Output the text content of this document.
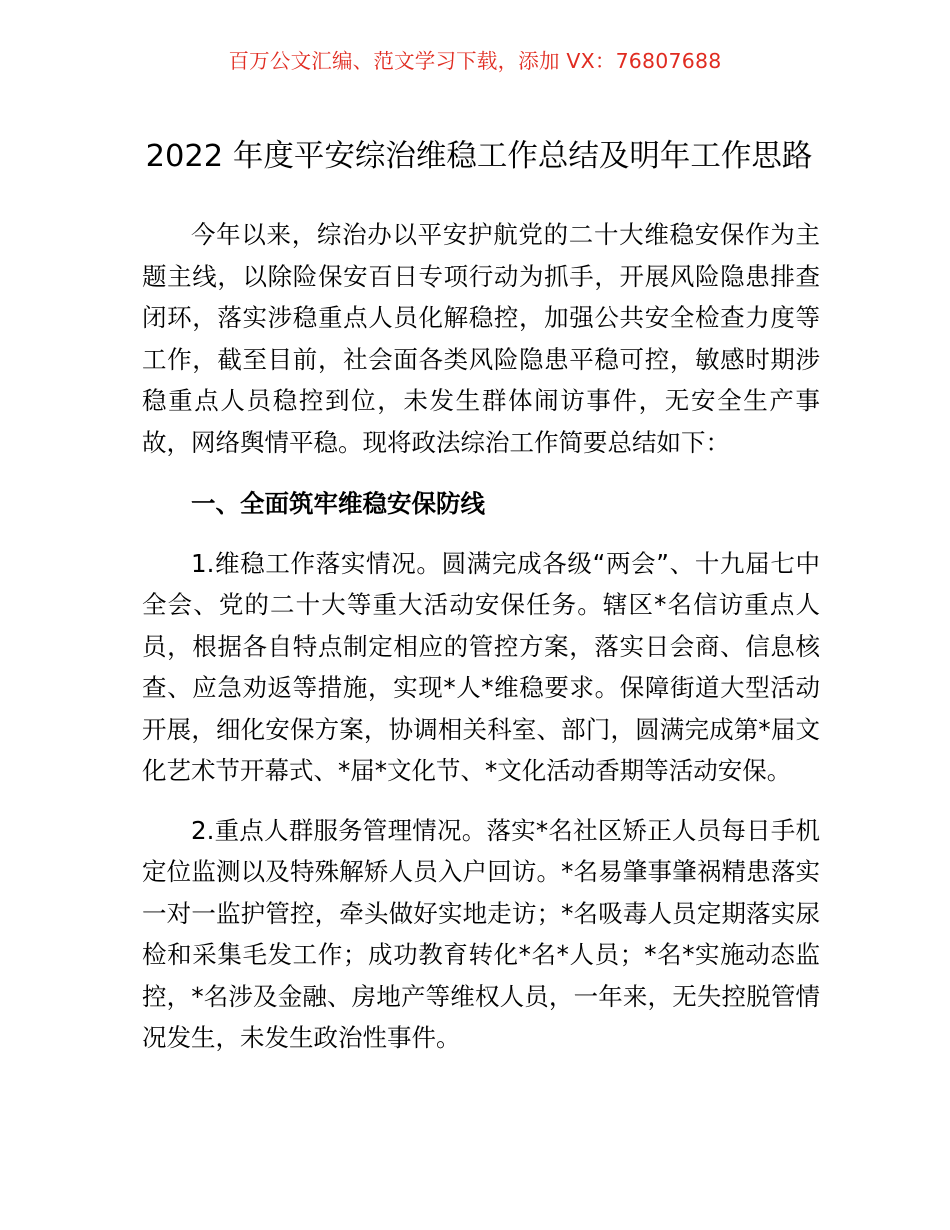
百万公文汇编、范文学习下载，添加 VX：76807688
2022 年度平安综治维稳工作总结及明年工作思路

今年以来，综治办以平安护航党的二十大维稳安保作为主题主线，以除险保安百日专项行动为抓手，开展风险隐患排查闭环，落实涉稳重点人员化解稳控，加强公共安全检查力度等工作，截至目前，社会面各类风险隐患平稳可控，敏感时期涉稳重点人员稳控到位，未发生群体闹访事件，无安全生产事故，网络舆情平稳。现将政法综治工作简要总结如下：

一、全面筑牢维稳安保防线

1.维稳工作落实情况。圆满完成各级“两会”、十九届七中全会、党的二十大等重大活动安保任务。辖区*名信访重点人员，根据各自特点制定相应的管控方案，落实日会商、信息核查、应急劝返等措施，实现*人*维稳要求。保障街道大型活动开展，细化安保方案，协调相关科室、部门，圆满完成第*届文化艺术节开幕式、*届*文化节、*文化活动香期等活动安保。

2.重点人群服务管理情况。落实*名社区矫正人员每日手机定位监测以及特殊解矫人员入户回访。*名易肇事肇祸精患落实一对一监护管控，牵头做好实地走访；*名吸毒人员定期落实尿检和采集毛发工作；成功教育转化*名*人员；*名*实施动态监控，*名涉及金融、房地产等维权人员，一年来，无失控脱管情况发生，未发生政治性事件。
